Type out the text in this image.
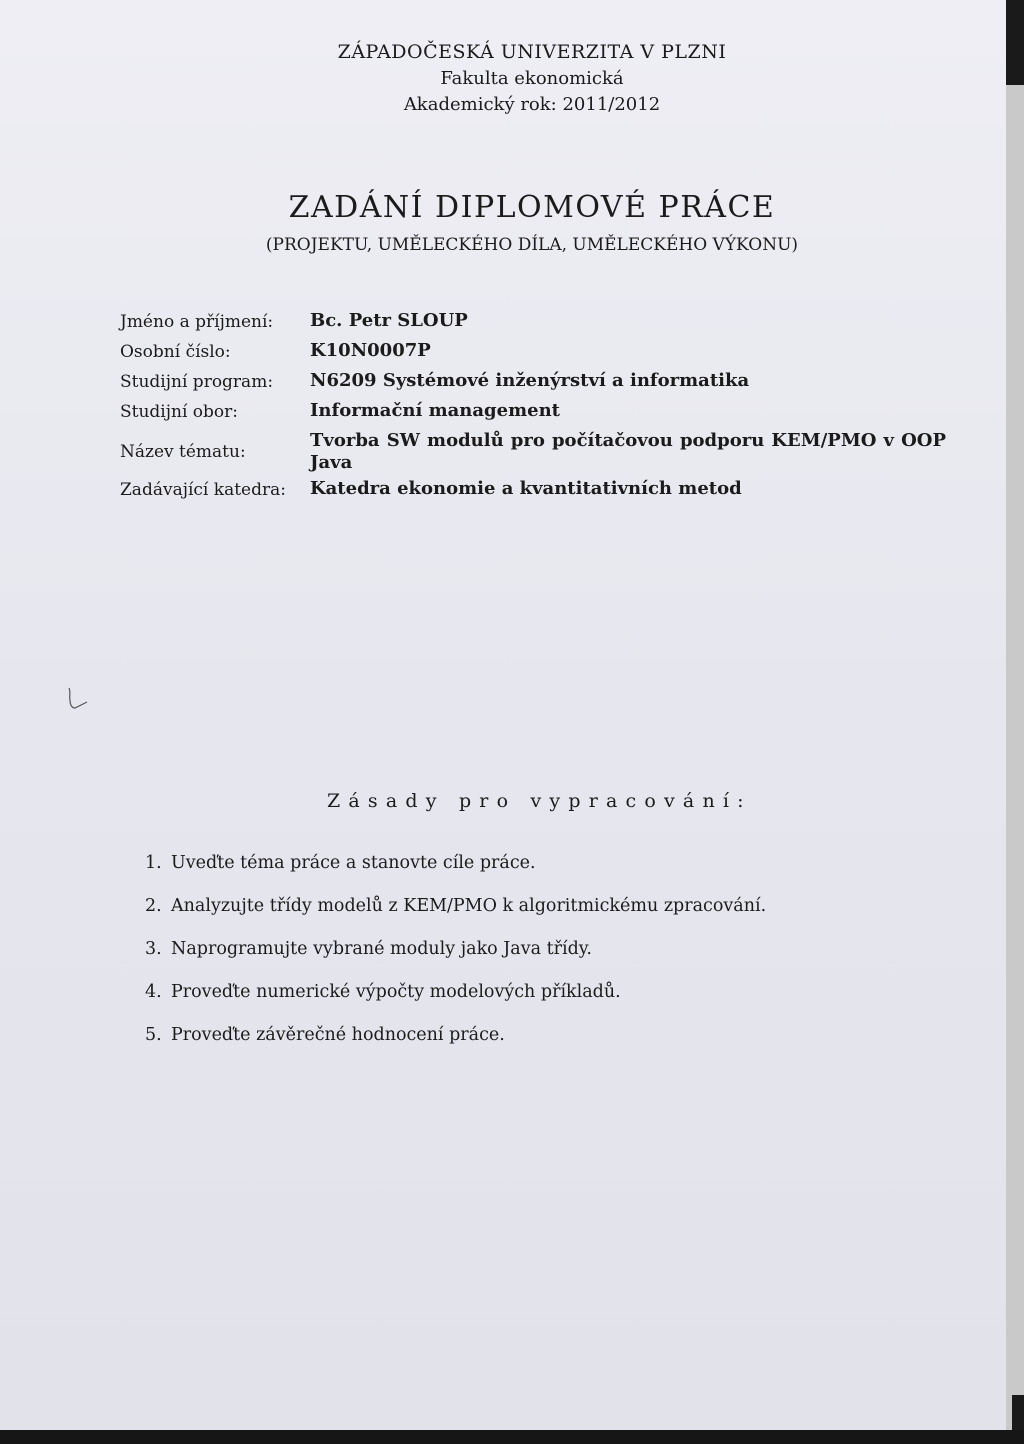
ZÁPADOČESKÁ UNIVERZITA V PLZNI
Fakulta ekonomická
Akademický rok: 2011/2012
ZADÁNÍ DIPLOMOVÉ PRÁCE
(PROJEKTU, UMĚLECKÉHO DÍLA, UMĚLECKÉHO VÝKONU)
Jméno a příjmení:	Bc. Petr SLOUP
Osobní číslo:	K10N0007P
Studijní program:	N6209 Systémové inženýrství a informatika
Studijní obor:	Informační management
Název tématu:
Tvorba SW modulů pro počítačovou podporu KEM/PMO v OOP Java
Zadávající katedra:	Katedra ekonomie a kvantitativních metod
Zásady pro vypracování:
1. Uveďte téma práce a stanovte cíle práce.
2. Analyzujte třídy modelů z KEM/PMO k algoritmickému zpracování.
3. Naprogramujte vybrané moduly jako Java třídy.
4. Proveďte numerické výpočty modelových příkladů.
5. Proveďte závěrečné hodnocení práce.
